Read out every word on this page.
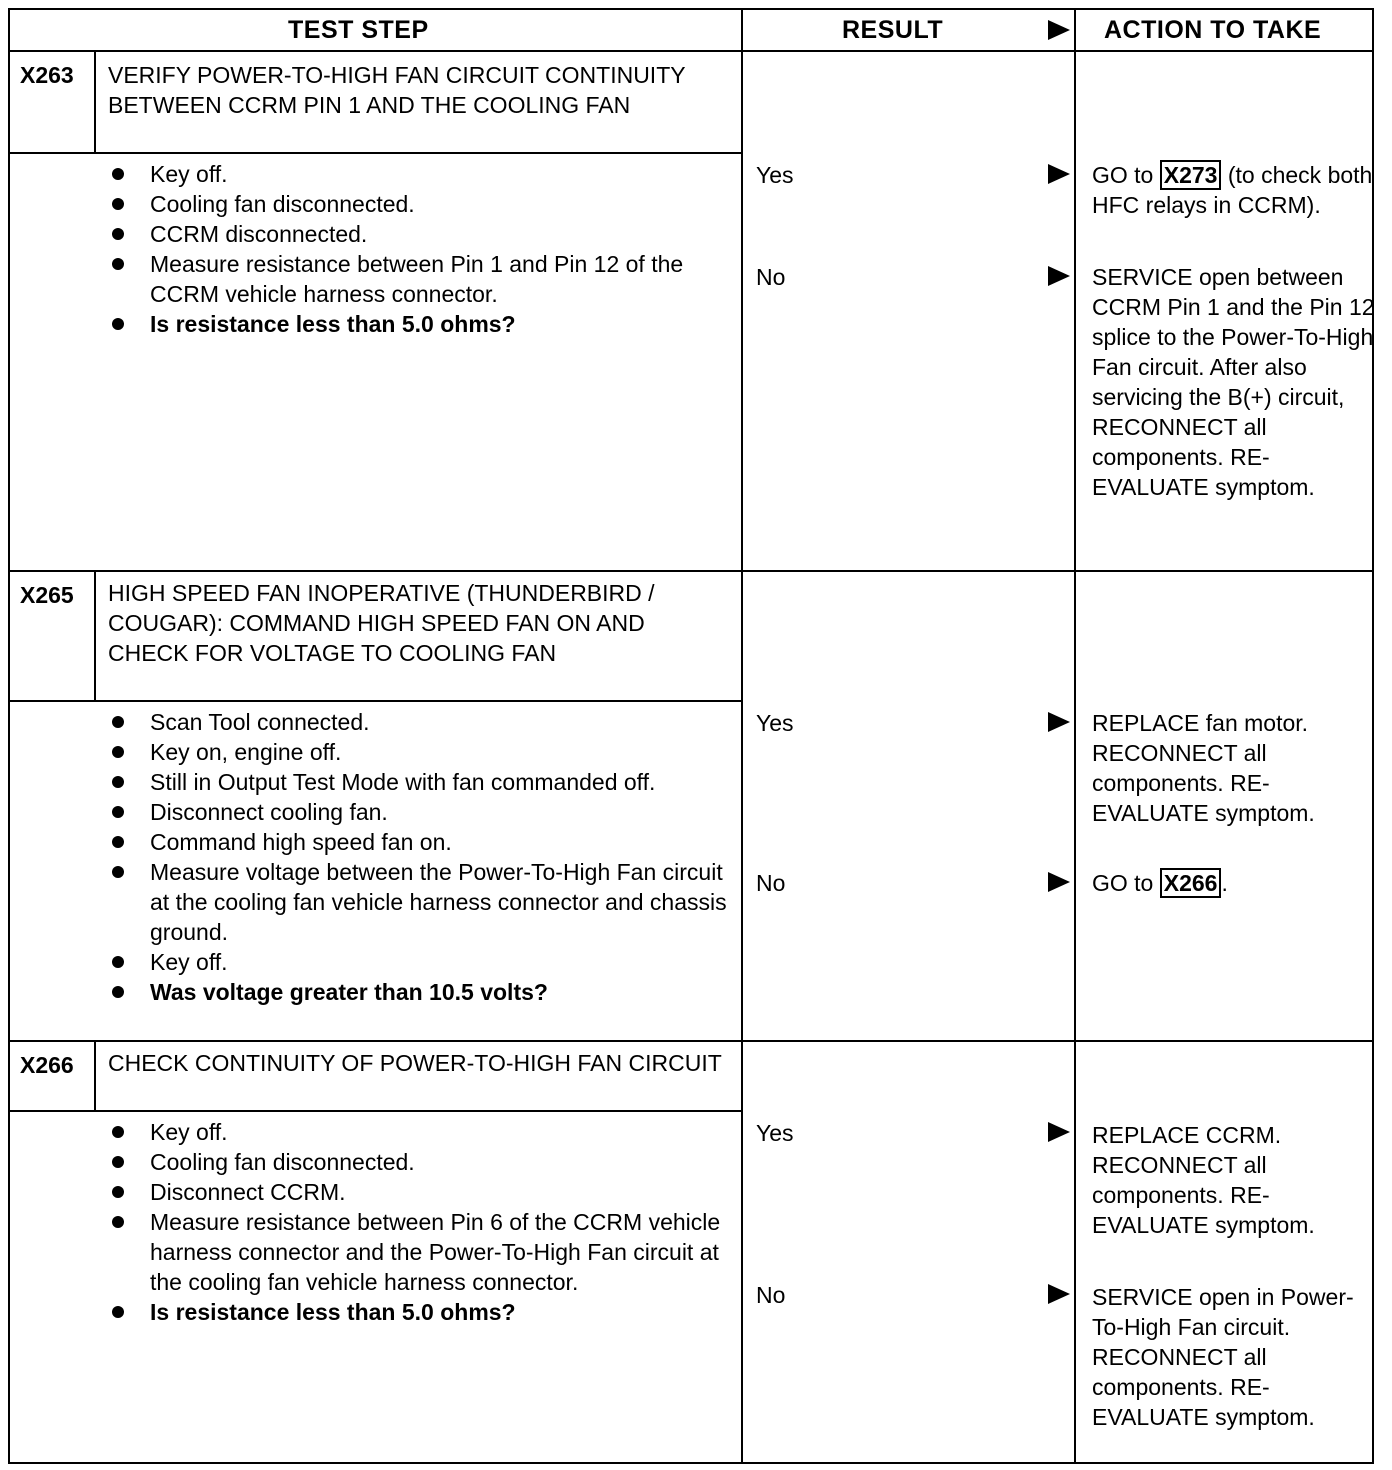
TEST STEP	RESULT	ACTION TO TAKE
X263 VERIFY POWER-TO-HIGH FAN CIRCUIT CONTINUITY BETWEEN CCRM PIN 1 AND THE COOLING FAN
Key off.
Cooling fan disconnected.
CCRM disconnected.
Measure resistance between Pin 1 and Pin 12 of the CCRM vehicle harness connector.
Is resistance less than 5.0 ohms?
Yes	GO to X273 (to check both HFC relays in CCRM).
No	SERVICE open between CCRM Pin 1 and the Pin 12 splice to the Power-To-High Fan circuit. After also servicing the B(+) circuit, RECONNECT all components. RE-EVALUATE symptom.
X265 HIGH SPEED FAN INOPERATIVE (THUNDERBIRD / COUGAR): COMMAND HIGH SPEED FAN ON AND CHECK FOR VOLTAGE TO COOLING FAN
Scan Tool connected.
Key on, engine off.
Still in Output Test Mode with fan commanded off.
Disconnect cooling fan.
Command high speed fan on.
Measure voltage between the Power-To-High Fan circuit at the cooling fan vehicle harness connector and chassis ground.
Key off.
Was voltage greater than 10.5 volts?
Yes	REPLACE fan motor. RECONNECT all components. RE-EVALUATE symptom.
No	GO to X266 .
X266 CHECK CONTINUITY OF POWER-TO-HIGH FAN CIRCUIT
Key off.
Cooling fan disconnected.
Disconnect CCRM.
Measure resistance between Pin 6 of the CCRM vehicle harness connector and the Power-To-High Fan circuit at the cooling fan vehicle harness connector.
Is resistance less than 5.0 ohms?
Yes	REPLACE CCRM. RECONNECT all components. RE-EVALUATE symptom.
No	SERVICE open in Power-To-High Fan circuit. RECONNECT all components. RE-EVALUATE symptom.
